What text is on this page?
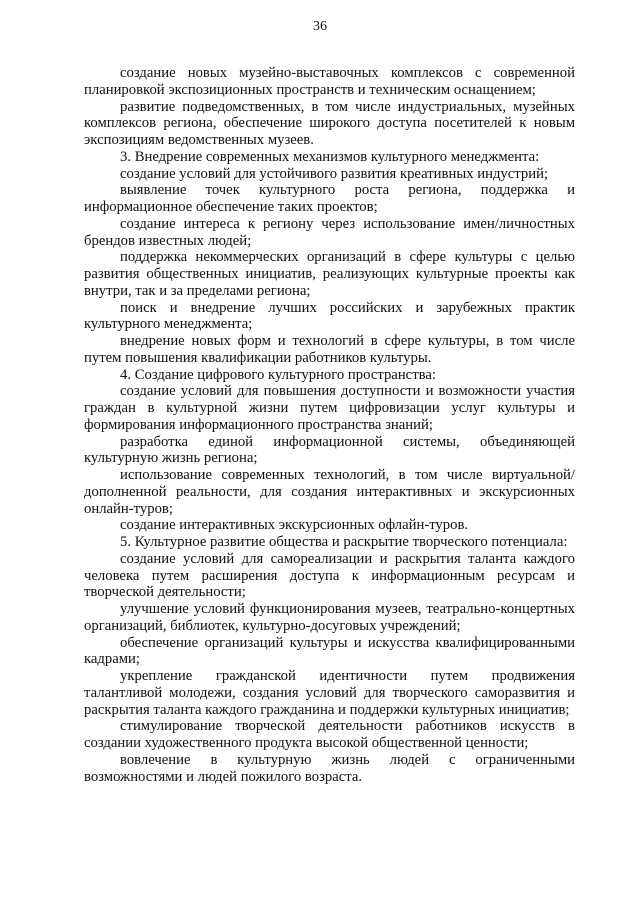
36

создание новых музейно-выставочных комплексов с современной планировкой экспозиционных пространств и техническим оснащением;

развитие подведомственных, в том числе индустриальных, музейных комплексов региона, обеспечение широкого доступа посетителей к новым экспозициям ведомственных музеев.

3. Внедрение современных механизмов культурного менеджмента:

создание условий для устойчивого развития креативных индустрий;

выявление точек культурного роста региона, поддержка и информационное обеспечение таких проектов;

создание интереса к региону через использование имен/личностных брендов известных людей;

поддержка некоммерческих организаций в сфере культуры с целью развития общественных инициатив, реализующих культурные проекты как внутри, так и за пределами региона;

поиск и внедрение лучших российских и зарубежных практик культурного менеджмента;

внедрение новых форм и технологий в сфере культуры, в том числе путем повышения квалификации работников культуры.

4. Создание цифрового культурного пространства:

создание условий для повышения доступности и возможности участия граждан в культурной жизни путем цифровизации услуг культуры и формирования информационного пространства знаний;

разработка единой информационной системы, объединяющей культурную жизнь региона;

использование современных технологий, в том числе виртуальной/дополненной реальности, для создания интерактивных и экскурсионных онлайн-туров;

создание интерактивных экскурсионных офлайн-туров.

5. Культурное развитие общества и раскрытие творческого потенциала:

создание условий для самореализации и раскрытия таланта каждого человека путем расширения доступа к информационным ресурсам и творческой деятельности;

улучшение условий функционирования музеев, театрально-концертных организаций, библиотек, культурно-досуговых учреждений;

обеспечение организаций культуры и искусства квалифицированными кадрами;

укрепление гражданской идентичности путем продвижения талантливой молодежи, создания условий для творческого саморазвития и раскрытия таланта каждого гражданина и поддержки культурных инициатив;

стимулирование творческой деятельности работников искусств в создании художественного продукта высокой общественной ценности;

вовлечение в культурную жизнь людей с ограниченными возможностями и людей пожилого возраста.
